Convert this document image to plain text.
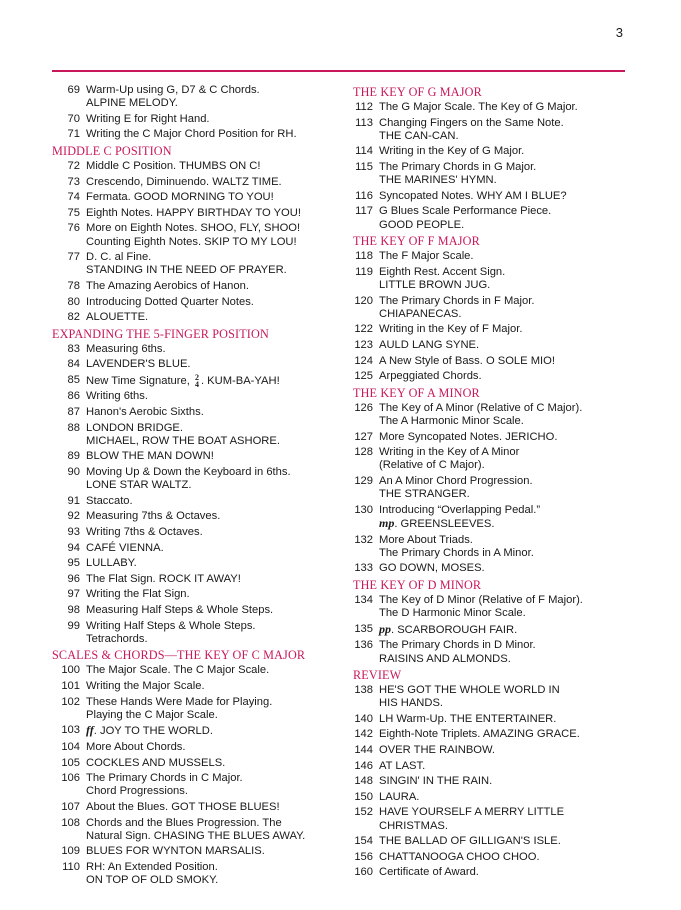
3
69 Warm-Up using G, D7 & C Chords.
ALPINE MELODY.
70 Writing E for Right Hand.
71 Writing the C Major Chord Position for RH.
MIDDLE C POSITION
72 Middle C Position. THUMBS ON C!
73 Crescendo, Diminuendo. WALTZ TIME.
74 Fermata. GOOD MORNING TO YOU!
75 Eighth Notes. HAPPY BIRTHDAY TO YOU!
76 More on Eighth Notes. SHOO, FLY, SHOO!
Counting Eighth Notes. SKIP TO MY LOU!
77 D. C. al Fine.
STANDING IN THE NEED OF PRAYER.
78 The Amazing Aerobics of Hanon.
80 Introducing Dotted Quarter Notes.
82 ALOUETTE.
EXPANDING THE 5-FINGER POSITION
83 Measuring 6ths.
84 LAVENDER'S BLUE.
85 New Time Signature, 2
4 . KUM-BA-YAH!
86 Writing 6ths.
87 Hanon's Aerobic Sixths.
88 LONDON BRIDGE.
MICHAEL, ROW THE BOAT ASHORE.
89 BLOW THE MAN DOWN!
90 Moving Up & Down the Keyboard in 6ths.
LONE STAR WALTZ.
91 Staccato.
92 Measuring 7ths & Octaves.
93 Writing 7ths & Octaves.
94 CAFÉ VIENNA.
95 LULLABY.
96 The Flat Sign. ROCK IT AWAY!
97 Writing the Flat Sign.
98 Measuring Half Steps & Whole Steps.
99 Writing Half Steps & Whole Steps.
Tetrachords.
SCALES & CHORDS—THE KEY OF C MAJOR
100 The Major Scale. The C Major Scale.
101 Writing the Major Scale.
102 These Hands Were Made for Playing.
Playing the C Major Scale.
103 ff. JOY TO THE WORLD.
104 More About Chords.
105 COCKLES AND MUSSELS.
106 The Primary Chords in C Major.
Chord Progressions.
107 About the Blues. GOT THOSE BLUES!
108 Chords and the Blues Progression. The
Natural Sign. CHASING THE BLUES AWAY.
109 BLUES FOR WYNTON MARSALIS.
110 RH: An Extended Position.
ON TOP OF OLD SMOKY.
THE KEY OF G MAJOR
112 The G Major Scale. The Key of G Major.
113 Changing Fingers on the Same Note.
THE CAN-CAN.
114 Writing in the Key of G Major.
115 The Primary Chords in G Major.
THE MARINES' HYMN.
116 Syncopated Notes. WHY AM I BLUE?
117 G Blues Scale Performance Piece.
GOOD PEOPLE.
THE KEY OF F MAJOR
118 The F Major Scale.
119 Eighth Rest. Accent Sign.
LITTLE BROWN JUG.
120 The Primary Chords in F Major.
CHIAPANECAS.
122 Writing in the Key of F Major.
123 AULD LANG SYNE.
124 A New Style of Bass. O SOLE MIO!
125 Arpeggiated Chords.
THE KEY OF A MINOR
126 The Key of A Minor (Relative of C Major).
The A Harmonic Minor Scale.
127 More Syncopated Notes. JERICHO.
128 Writing in the Key of A Minor
(Relative of C Major).
129 An A Minor Chord Progression.
THE STRANGER.
130 Introducing “Overlapping Pedal.”
mp. GREENSLEEVES.
132 More About Triads.
The Primary Chords in A Minor.
133 GO DOWN, MOSES.
THE KEY OF D MINOR
134 The Key of D Minor (Relative of F Major).
The D Harmonic Minor Scale.
135 pp. SCARBOROUGH FAIR.
136 The Primary Chords in D Minor.
RAISINS AND ALMONDS.
REVIEW
138 HE'S GOT THE WHOLE WORLD IN
HIS HANDS.
140 LH Warm-Up. THE ENTERTAINER.
142 Eighth-Note Triplets. AMAZING GRACE.
144 OVER THE RAINBOW.
146 AT LAST.
148 SINGIN' IN THE RAIN.
150 LAURA.
152 HAVE YOURSELF A MERRY LITTLE
CHRISTMAS.
154 THE BALLAD OF GILLIGAN'S ISLE.
156 CHATTANOOGA CHOO CHOO.
160 Certificate of Award.
